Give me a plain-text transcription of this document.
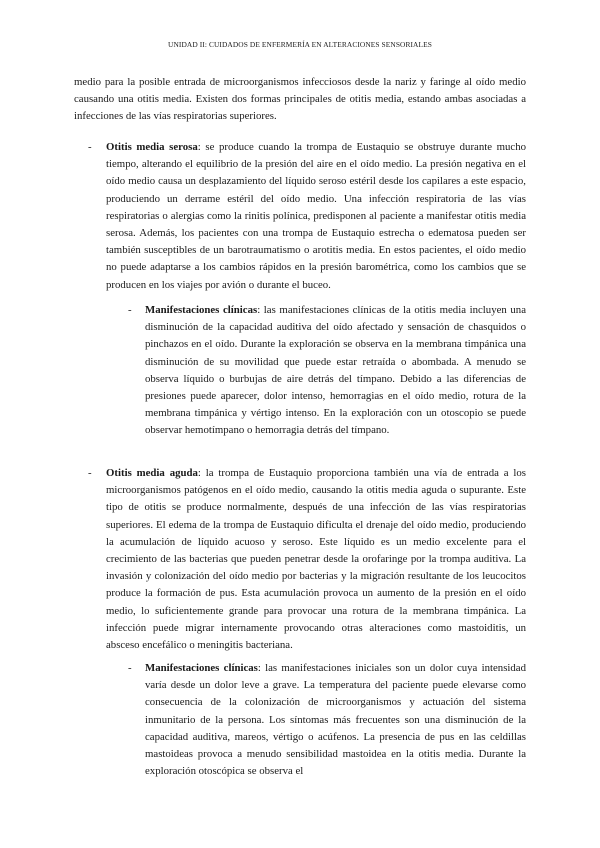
UNIDAD II: CUIDADOS DE ENFERMERÍA EN ALTERACIONES SENSORIALES

medio para la posible entrada de microorganismos infecciosos desde la nariz y faringe al oído medio causando una otitis media. Existen dos formas principales de otitis media, estando ambas asociadas a infecciones de las vías respiratorias superiores.

- Otitis media serosa: se produce cuando la trompa de Eustaquio se obstruye durante mucho tiempo, alterando el equilibrio de la presión del aire en el oído medio. La presión negativa en el oído medio causa un desplazamiento del líquido seroso estéril desde los capilares a este espacio, produciendo un derrame estéril del oído medio. Una infección respiratoria de las vías respiratorias o alergias como la rinitis polínica, predisponen al paciente a manifestar otitis media serosa. Además, los pacientes con una trompa de Eustaquio estrecha o edematosa pueden ser también susceptibles de un barotraumatismo o arotitis media. En estos pacientes, el oído medio no puede adaptarse a los cambios rápidos en la presión barométrica, como los cambios que se producen en los viajes por avión o durante el buceo.

- Manifestaciones clínicas: las manifestaciones clínicas de la otitis media incluyen una disminución de la capacidad auditiva del oído afectado y sensación de chasquidos o pinchazos en el oído. Durante la exploración se observa en la membrana timpánica una disminución de su movilidad que puede estar retraída o abombada. A menudo se observa líquido o burbujas de aire detrás del tímpano. Debido a las diferencias de presiones puede aparecer, dolor intenso, hemorragias en el oído medio, rotura de la membrana timpánica y vértigo intenso. En la exploración con un otoscopio se puede observar hemotímpano o hemorragia detrás del tímpano.

- Otitis media aguda: la trompa de Eustaquio proporciona también una vía de entrada a los microorganismos patógenos en el oído medio, causando la otitis media aguda o supurante. Este tipo de otitis se produce normalmente, después de una infección de las vías respiratorias superiores. El edema de la trompa de Eustaquio dificulta el drenaje del oído medio, produciendo la acumulación de líquido acuoso y seroso. Este líquido es un medio excelente para el crecimiento de las bacterias que pueden penetrar desde la orofaringe por la trompa auditiva. La invasión y colonización del oído medio por bacterias y la migración resultante de los leucocitos produce la formación de pus. Esta acumulación provoca un aumento de la presión en el oído medio, lo suficientemente grande para provocar una rotura de la membrana timpánica. La infección puede migrar internamente provocando otras alteraciones como mastoiditis, un absceso encefálico o meningitis bacteriana.

- Manifestaciones clínicas: las manifestaciones iniciales son un dolor cuya intensidad varía desde un dolor leve a grave. La temperatura del paciente puede elevarse como consecuencia de la colonización de microorganismos y actuación del sistema inmunitario de la persona. Los síntomas más frecuentes son una disminución de la capacidad auditiva, mareos, vértigo o acúfenos. La presencia de pus en las celdillas mastoideas provoca a menudo sensibilidad mastoidea en la otitis media. Durante la exploración otoscópica se observa el
